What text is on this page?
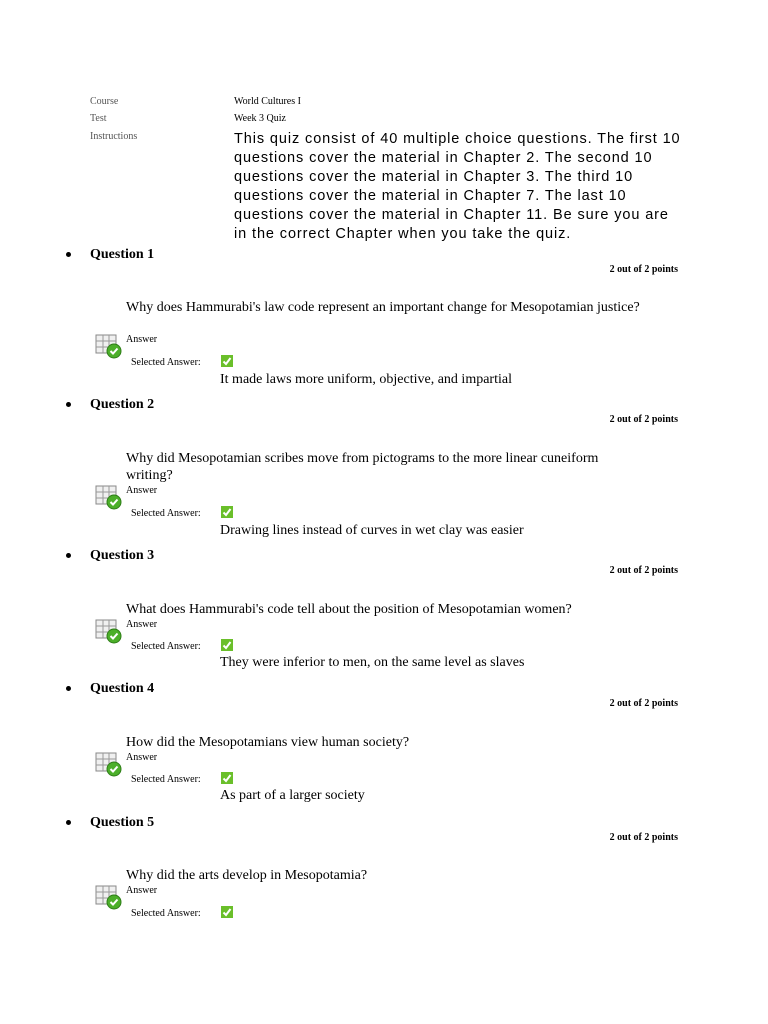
Course	World Cultures I
Test	Week 3 Quiz
Instructions	This quiz consist of 40 multiple choice questions. The first 10 questions cover the material in Chapter 2. The second 10 questions cover the material in Chapter 3. The third 10 questions cover the material in Chapter 7. The last 10 questions cover the material in Chapter 11. Be sure you are in the correct Chapter when you take the quiz.
Question 1
2 out of 2 points
Why does Hammurabi's law code represent an important change for Mesopotamian justice?
Answer
Selected Answer:
It made laws more uniform, objective, and impartial
Question 2
2 out of 2 points
Why did Mesopotamian scribes move from pictograms to the more linear cuneiform writing?
Answer
Selected Answer:
Drawing lines instead of curves in wet clay was easier
Question 3
2 out of 2 points
What does Hammurabi's code tell about the position of Mesopotamian women?
Answer
Selected Answer:
They were inferior to men, on the same level as slaves
Question 4
2 out of 2 points
How did the Mesopotamians view human society?
Answer
Selected Answer:
As part of a larger society
Question 5
2 out of 2 points
Why did the arts develop in Mesopotamia?
Answer
Selected Answer:
